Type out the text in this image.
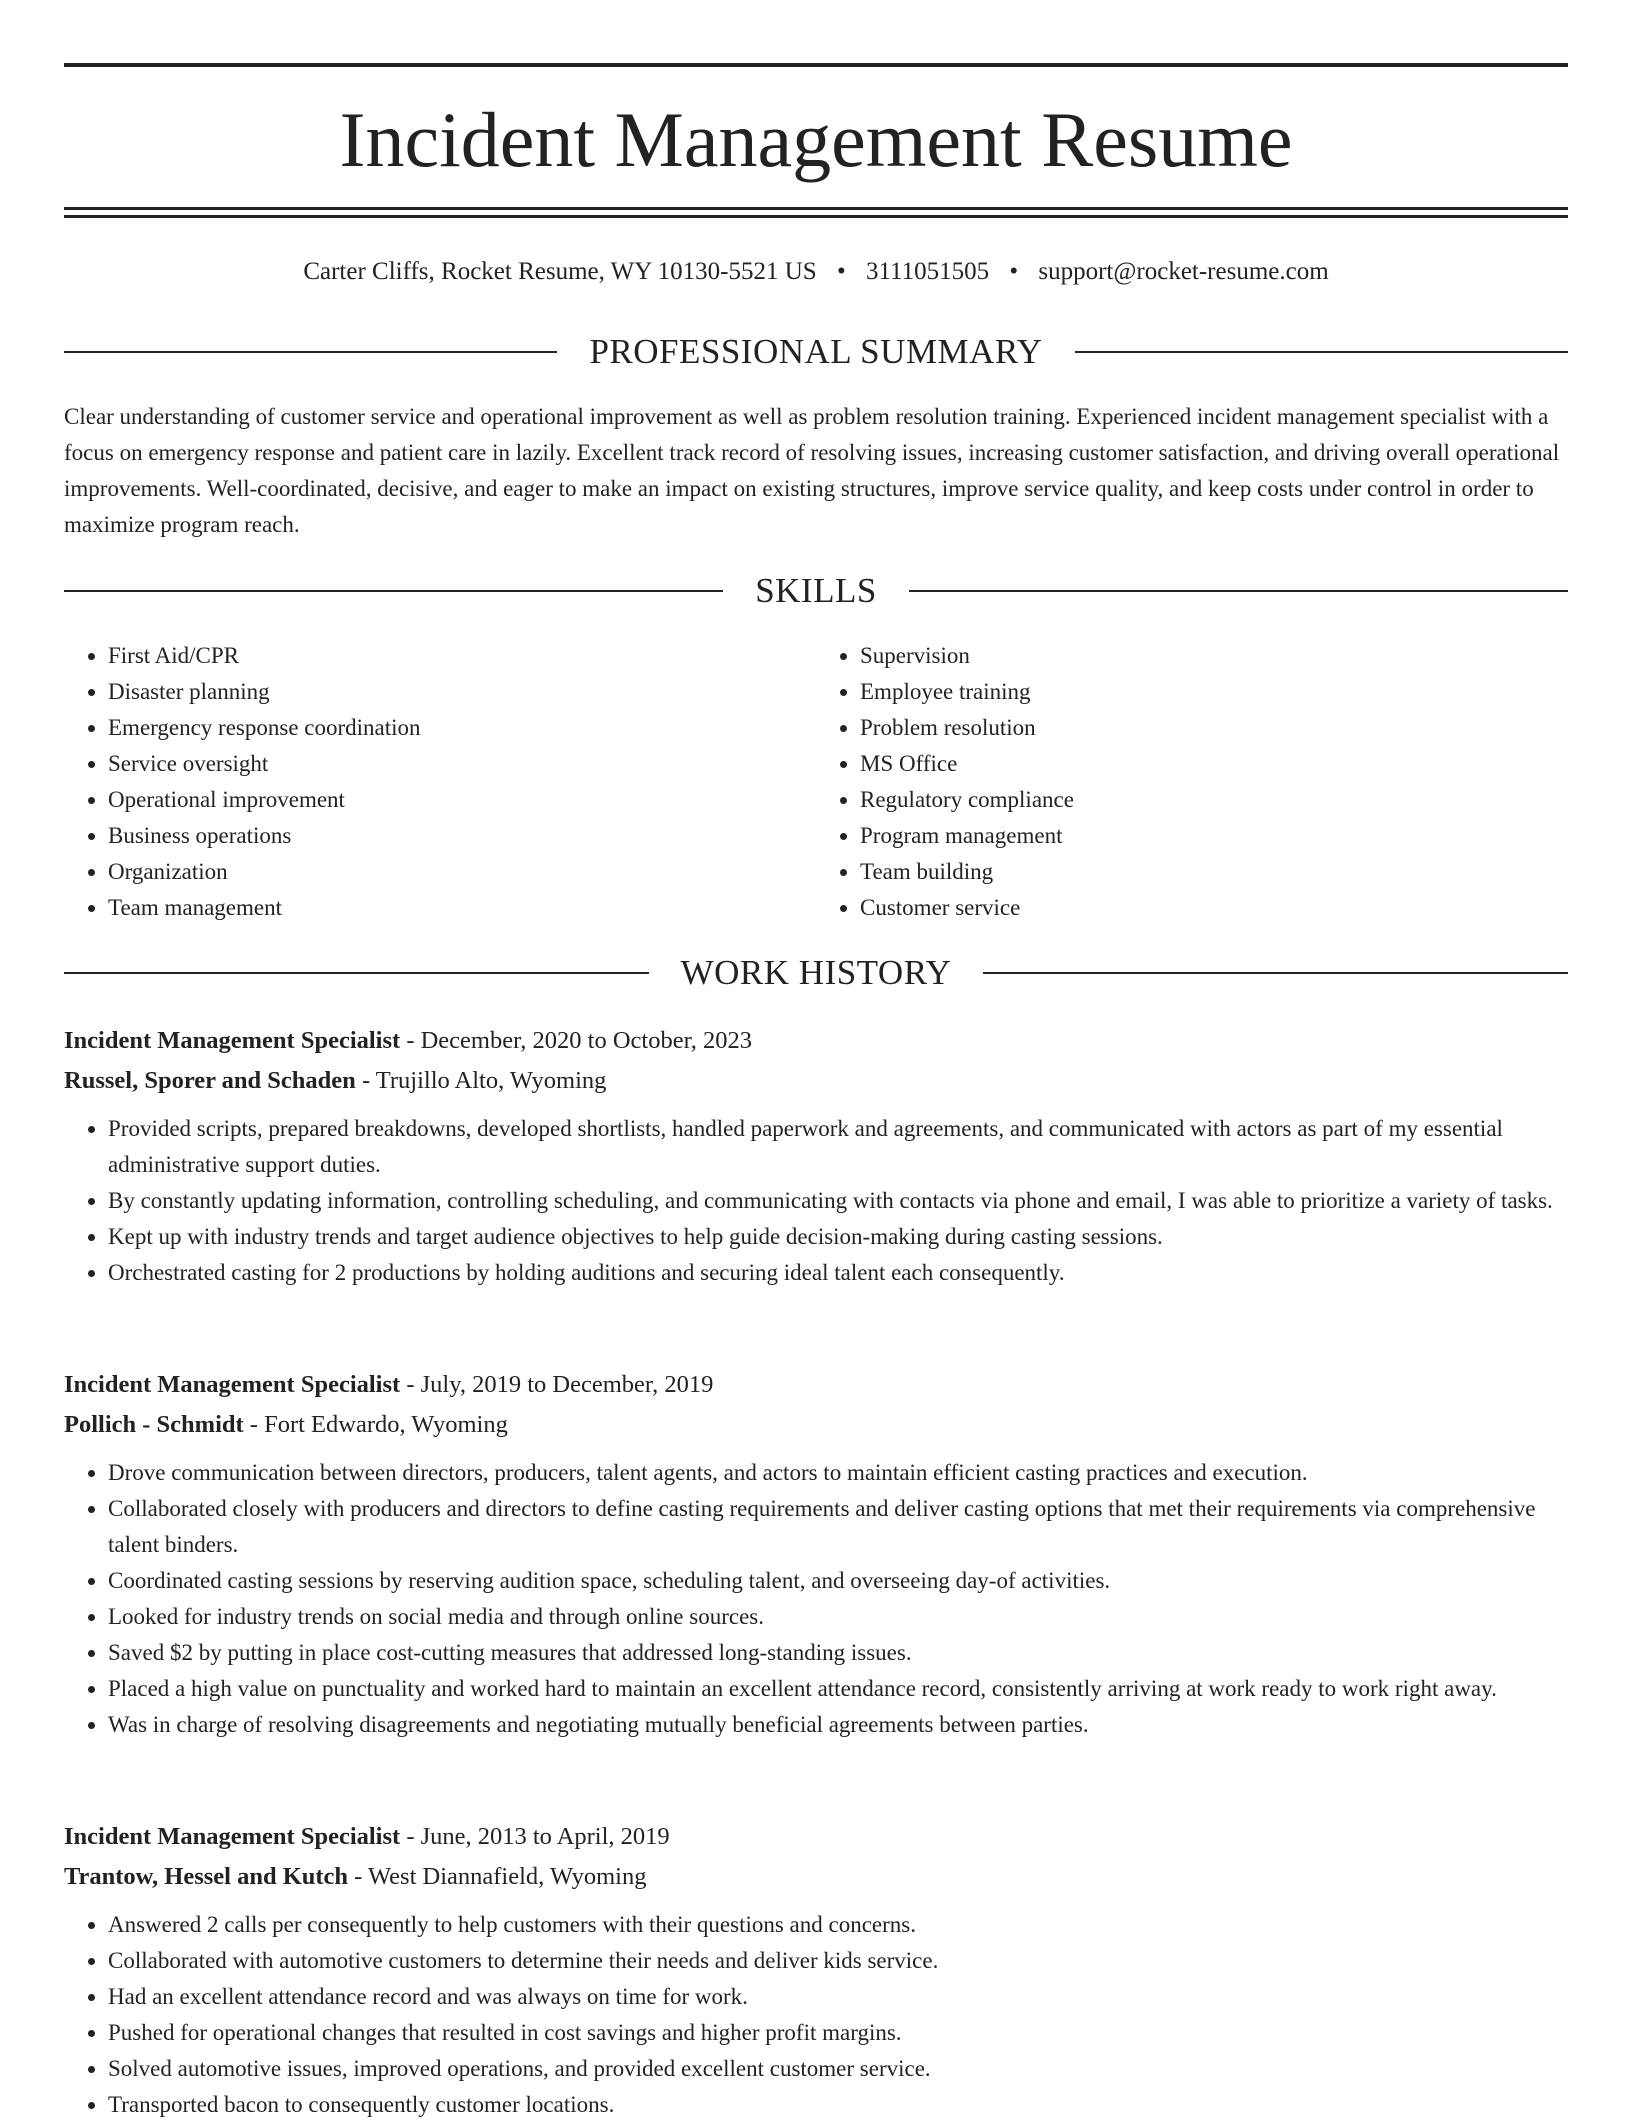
Incident Management Resume
Carter Cliffs, Rocket Resume, WY 10130-5521 US • 3111051505 • support@rocket-resume.com
PROFESSIONAL SUMMARY

Clear understanding of customer service and operational improvement as well as problem resolution training. Experienced incident management specialist with a focus on emergency response and patient care in lazily. Excellent track record of resolving issues, increasing customer satisfaction, and driving overall operational improvements. Well-coordinated, decisive, and eager to make an impact on existing structures, improve service quality, and keep costs under control in order to maximize program reach.

SKILLS
• First Aid/CPR
• Disaster planning
• Emergency response coordination
• Service oversight
• Operational improvement
• Business operations
• Organization
• Team management
• Supervision
• Employee training
• Problem resolution
• MS Office
• Regulatory compliance
• Program management
• Team building
• Customer service
WORK HISTORY
Incident Management Specialist - December, 2020 to October, 2023
Russel, Sporer and Schaden - Trujillo Alto, Wyoming
• Provided scripts, prepared breakdowns, developed shortlists, handled paperwork and agreements, and communicated with actors as part of my essential administrative support duties.
• By constantly updating information, controlling scheduling, and communicating with contacts via phone and email, I was able to prioritize a variety of tasks.
• Kept up with industry trends and target audience objectives to help guide decision-making during casting sessions.
• Orchestrated casting for 2 productions by holding auditions and securing ideal talent each consequently.
Incident Management Specialist - July, 2019 to December, 2019
Pollich - Schmidt - Fort Edwardo, Wyoming
• Drove communication between directors, producers, talent agents, and actors to maintain efficient casting practices and execution.
• Collaborated closely with producers and directors to define casting requirements and deliver casting options that met their requirements via comprehensive talent binders.
• Coordinated casting sessions by reserving audition space, scheduling talent, and overseeing day-of activities.
• Looked for industry trends on social media and through online sources.
• Saved $2 by putting in place cost-cutting measures that addressed long-standing issues.
• Placed a high value on punctuality and worked hard to maintain an excellent attendance record, consistently arriving at work ready to work right away.
• Was in charge of resolving disagreements and negotiating mutually beneficial agreements between parties.
Incident Management Specialist - June, 2013 to April, 2019
Trantow, Hessel and Kutch - West Diannafield, Wyoming
• Answered 2 calls per consequently to help customers with their questions and concerns.
• Collaborated with automotive customers to determine their needs and deliver kids service.
• Had an excellent attendance record and was always on time for work.
• Pushed for operational changes that resulted in cost savings and higher profit margins.
• Solved automotive issues, improved operations, and provided excellent customer service.
• Transported bacon to consequently customer locations.
